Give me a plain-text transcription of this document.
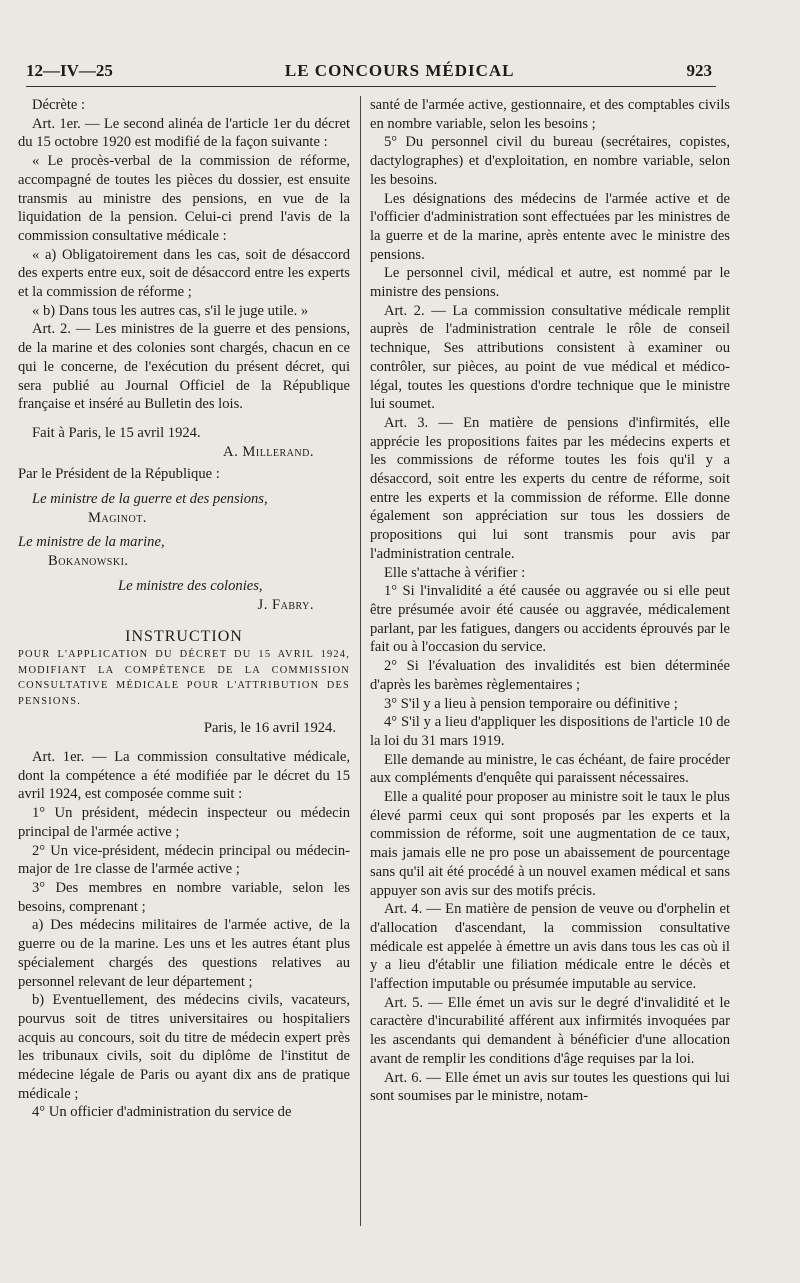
12—IV—25	LE CONCOURS MÉDICAL	923

Décrète :

Art. 1er. — Le second alinéa de l'article 1er du décret du 15 octobre 1920 est modifié de la façon suivante :

« Le procès-verbal de la commission de réforme, accompagné de toutes les pièces du dossier, est ensuite transmis au ministre des pensions, en vue de la liquidation de la pension. Celui-ci prend l'avis de la commission consultative médicale :

« a) Obligatoirement dans les cas, soit de désaccord des experts entre eux, soit de désaccord entre les experts et la commission de réforme ;

« b) Dans tous les autres cas, s'il le juge utile. »

Art. 2. — Les ministres de la guerre et des pensions, de la marine et des colonies sont chargés, chacun en ce qui le concerne, de l'exécution du présent décret, qui sera publié au Journal Officiel de la République française et inséré au Bulletin des lois.

Fait à Paris, le 15 avril 1924.

A. Millerand.

Par le Président de la République :

Le ministre de la guerre et des pensions,

Maginot.

Le ministre de la marine,

Bokanowski.

Le ministre des colonies,

J. Fabry.

INSTRUCTION

POUR L'APPLICATION DU DÉCRET DU 15 AVRIL 1924, MODIFIANT LA COMPÉTENCE DE LA COMMISSION CONSULTATIVE MÉDICALE POUR L'ATTRIBUTION DES PENSIONS.

Paris, le 16 avril 1924.

Art. 1er. — La commission consultative médicale, dont la compétence a été modifiée par le décret du 15 avril 1924, est composée comme suit :

1° Un président, médecin inspecteur ou médecin principal de l'armée active ;

2° Un vice-président, médecin principal ou médecin-major de 1re classe de l'armée active ;

3° Des membres en nombre variable, selon les besoins, comprenant ;

a) Des médecins militaires de l'armée active, de la guerre ou de la marine. Les uns et les autres étant plus spécialement chargés des questions relatives au personnel relevant de leur département ;

b) Eventuellement, des médecins civils, vacateurs, pourvus soit de titres universitaires ou hospitaliers acquis au concours, soit du titre de médecin expert près les tribunaux civils, soit du diplôme de l'institut de médecine légale de Paris ou ayant dix ans de pratique médicale ;

4° Un officier d'administration du service de

santé de l'armée active, gestionnaire, et des comptables civils en nombre variable, selon les besoins ;

5° Du personnel civil du bureau (secrétaires, copistes, dactylographes) et d'exploitation, en nombre variable, selon les besoins.

Les désignations des médecins de l'armée active et de l'officier d'administration sont effectuées par les ministres de la guerre et de la marine, après entente avec le ministre des pensions.

Le personnel civil, médical et autre, est nommé par le ministre des pensions.

Art. 2. — La commission consultative médicale remplit auprès de l'administration centrale le rôle de conseil technique, Ses attributions consistent à examiner ou contrôler, sur pièces, au point de vue médical et médico-légal, toutes les questions d'ordre technique que le ministre lui soumet.

Art. 3. — En matière de pensions d'infirmités, elle apprécie les propositions faites par les médecins experts et les commissions de réforme toutes les fois qu'il y a désaccord, soit entre les experts du centre de réforme, soit entre les experts et la commission de réforme. Elle donne également son appréciation sur tous les dossiers de propositions qui lui sont transmis pour avis par l'administration centrale.

Elle s'attache à vérifier :

1° Si l'invalidité a été causée ou aggravée ou si elle peut être présumée avoir été causée ou aggravée, médicalement parlant, par les fatigues, dangers ou accidents éprouvés par le fait ou à l'occasion du service.

2° Si l'évaluation des invalidités est bien déterminée d'après les barèmes règlementaires ;

3° S'il y a lieu à pension temporaire ou définitive ;

4° S'il y a lieu d'appliquer les dispositions de l'article 10 de la loi du 31 mars 1919.

Elle demande au ministre, le cas échéant, de faire procéder aux compléments d'enquête qui paraissent nécessaires.

Elle a qualité pour proposer au ministre soit le taux le plus élevé parmi ceux qui sont proposés par les experts et la commission de réforme, soit une augmentation de ce taux, mais jamais elle ne pro pose un abaissement de pourcentage sans qu'il ait été procédé à un nouvel examen médical et sans appuyer son avis sur des motifs précis.

Art. 4. — En matière de pension de veuve ou d'orphelin et d'allocation d'ascendant, la commission consultative médicale est appelée à émettre un avis dans tous les cas où il y a lieu d'établir une filiation médicale entre le décès et l'affection imputable ou présumée imputable au service.

Art. 5. — Elle émet un avis sur le degré d'invalidité et le caractère d'incurabilité afférent aux infirmités invoquées par les ascendants qui demandent à bénéficier d'une allocation avant de remplir les conditions d'âge requises par la loi.

Art. 6. — Elle émet un avis sur toutes les questions qui lui sont soumises par le ministre, notam-
